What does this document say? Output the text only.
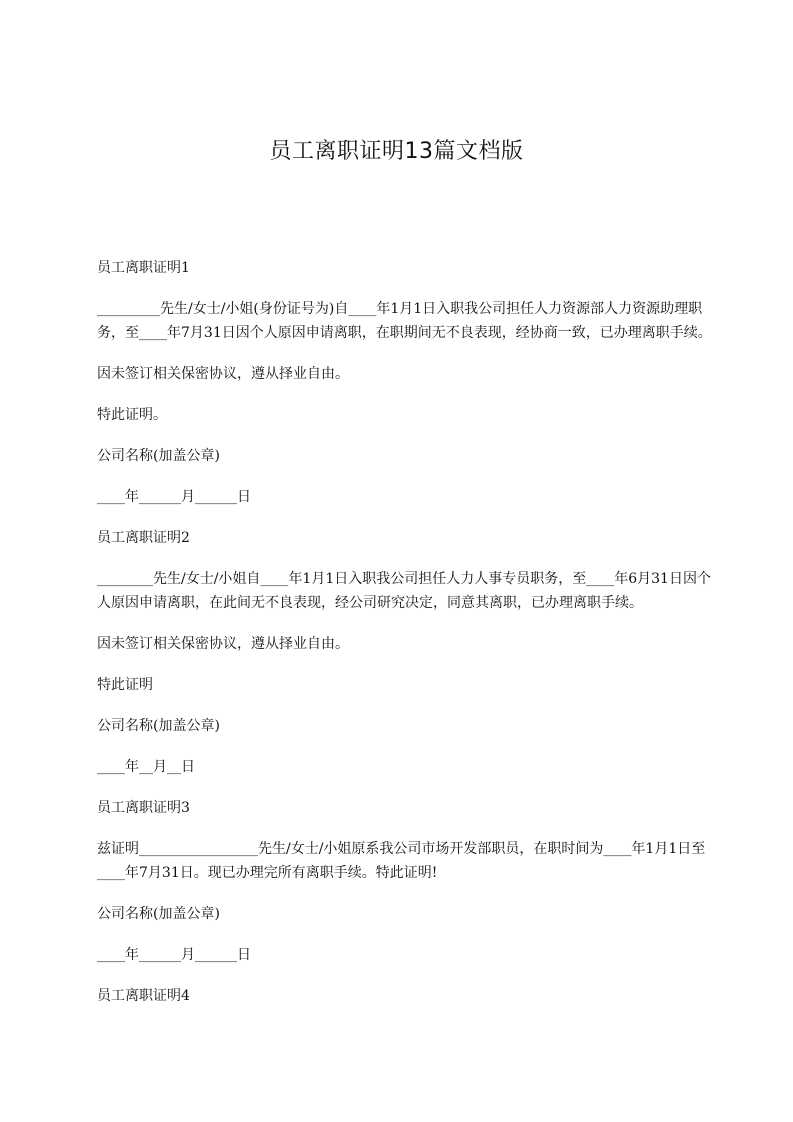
员工离职证明13篇文档版
员工离职证明1

_________先生/女士/小姐(身份证号为)自____年1月1日入职我公司担任人力资源部人力资源助理职务，至____年7月31日因个人原因申请离职，在职期间无不良表现，经协商一致，已办理离职手续。

因未签订相关保密协议，遵从择业自由。

特此证明。

公司名称(加盖公章)

____年______月______日
员工离职证明2

________先生/女士/小姐自____年1月1日入职我公司担任人力人事专员职务，至____年6月31日因个人原因申请离职，在此间无不良表现，经公司研究决定，同意其离职，已办理离职手续。

因未签订相关保密协议，遵从择业自由。

特此证明

公司名称(加盖公章)

____年__月__日
员工离职证明3

兹证明_________________先生/女士/小姐原系我公司市场开发部职员，在职时间为____年1月1日至____年7月31日。现已办理完所有离职手续。特此证明!

公司名称(加盖公章)

____年______月______日
员工离职证明4
